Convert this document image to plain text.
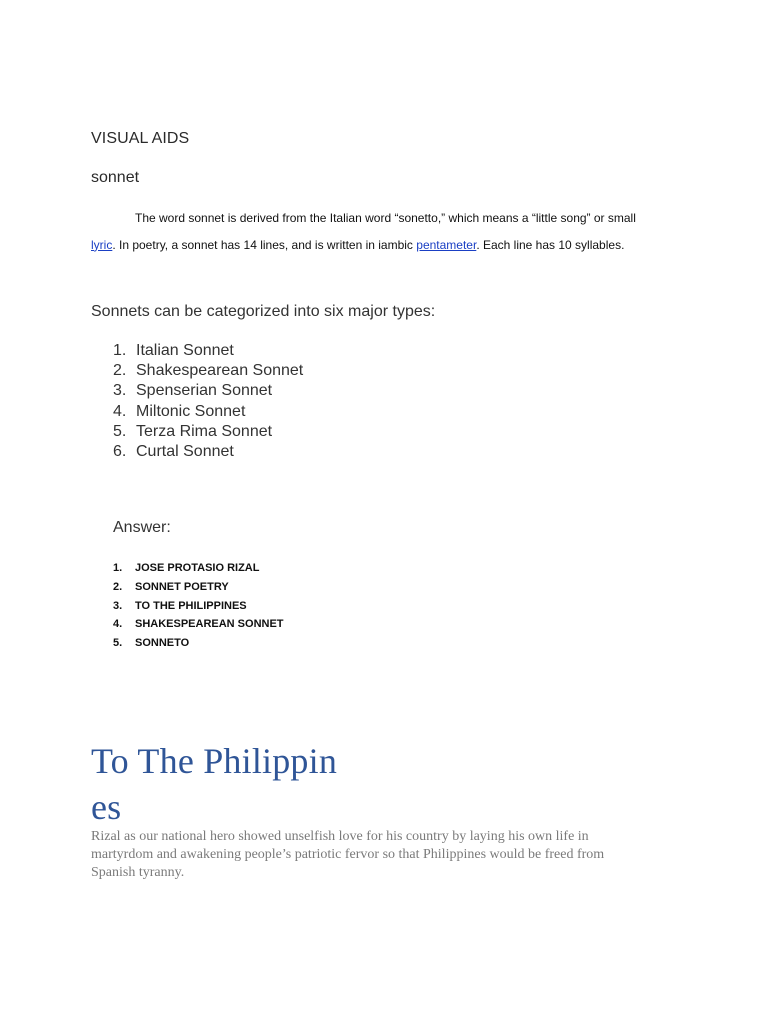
VISUAL AIDS
sonnet

The word sonnet is derived from the Italian word “sonetto,” which means a “little song” or small lyric. In poetry, a sonnet has 14 lines, and is written in iambic pentameter. Each line has 10 syllables.

Sonnets can be categorized into six major types:
1. Italian Sonnet
2. Shakespearean Sonnet
3. Spenserian Sonnet
4. Miltonic Sonnet
5. Terza Rima Sonnet
6. Curtal Sonnet
Answer:
1. JOSE PROTASIO RIZAL
2. SONNET POETRY
3. TO THE PHILIPPINES
4. SHAKESPEAREAN SONNET
5. SONNETO
To The Philippines

Rizal as our national hero showed unselfish love for his country by laying his own life in martyrdom and awakening people’s patriotic fervor so that Philippines would be freed from Spanish tyranny.
